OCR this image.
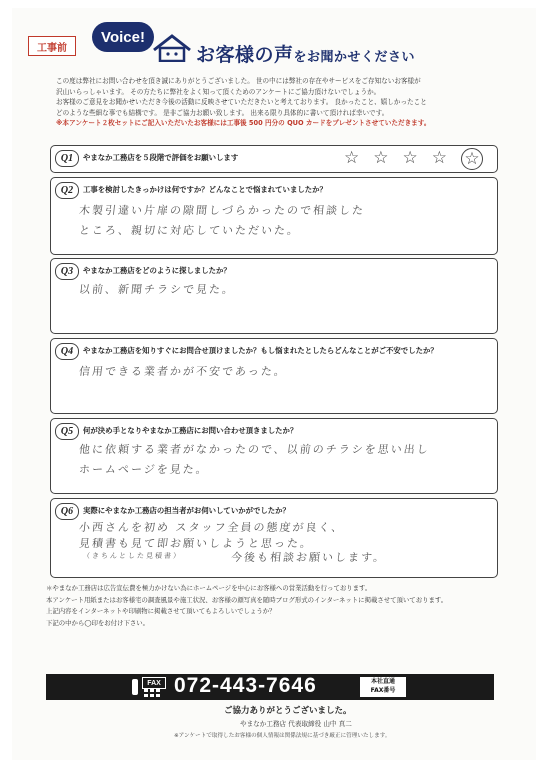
工事前
Voice!
お客様の声をお聞かせください
この度は弊社にお問い合わせを頂き誠にありがとうございました。 世の中には弊社の存在やサービスをご存知ないお客様が
沢山いらっしゃいます。 その方たちに弊社をよく知って頂くためのアンケートにご協力頂けないでしょうか。
お客様のご意見をお聞かせいただき今後の活動に反映させていただきたいと考えております。 良かったこと、嬉しかったこと
どのような些細な事でも結構です。 是非ご協力お願い致します。 出来る限り具体的に書いて頂ければ幸いです。
※本アンケート２枚セットにご記入いただいたお客様には工事後 500 円分の QUO カードをプレゼントさせていただきます。
Q1	やまなか工務店を５段階で評価をお願いします	☆ ☆ ☆ ☆ ☆
Q2	工事を検討したきっかけは何ですか？どんなことで悩まれていましたか？
木製引違い片扉の隙間しづらかったので相談した
ところ、親切に対応していただいた。
やまなか工務店をどのように探しましたか？
Q3
以前、新聞チラシで見た。
Q4	やまなか工務店を知りすぐにお問合せ頂けましたか？もし悩まれたとしたらどんなことがご不安でしたか？
信用できる業者かが不安であった。
Q5	何が決め手となりやまなか工務店にお問い合わせ頂きましたか？
他に依頼する業者がなかったので、以前のチラシを思い出し
ホームページを見た。
Q6	実際にやまなか工務店の担当者がお伺いしていかがでしたか？
小西さんを初め スタッフ全員の態度が良く、
見積書も見て即お願いしようと思った。
（きちんとした見積書）	今後も相談お願いします。
＊やまなか工務店は広告宣伝費を極力かけない為にホームページを中心にお客様への営業活動を行っております。
本アンケート用紙またはお客様宅の調査風景や施工状況、お客様の顔写真を随時ブログ形式のインターネットに掲載させて頂いております。
上記内容をインターネットや印刷物に掲載させて頂いてもよろしいでしょうか？
下記の中から◯印をお付け下さい。
FAX 072-443-7646	本社直通
FAX番号
ご協力ありがとうございました。
やまなか工務店 代表取締役 山中 真二
※アンケートで取得したお客様の個人情報は関係法規に基づき厳正に管理いたします。
